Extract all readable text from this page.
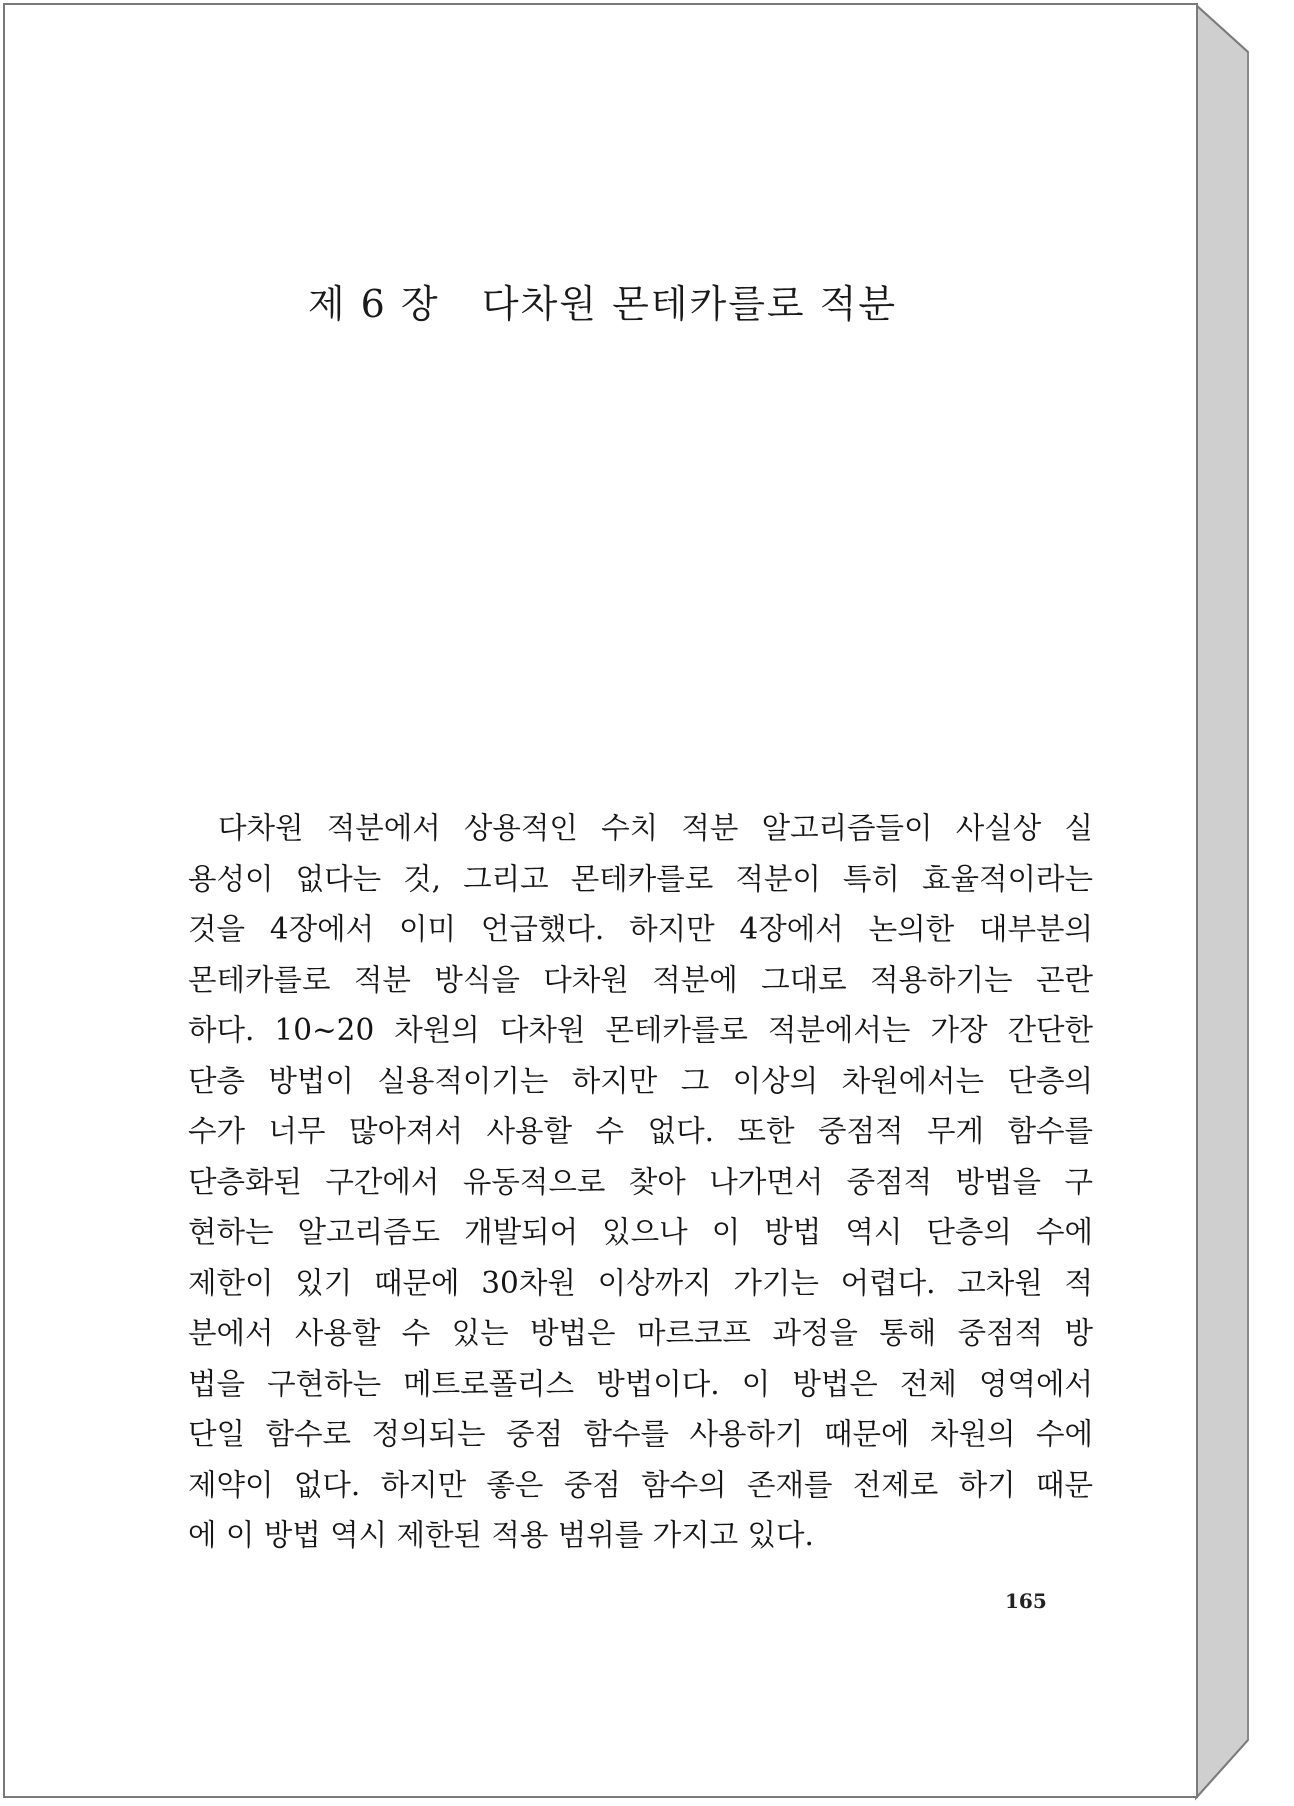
제 6 장   다차원 몬테카를로 적분
다차원 적분에서 상용적인 수치 적분 알고리즘들이 사실상 실
용성이 없다는 것, 그리고 몬테카를로 적분이 특히 효율적이라는
것을 4장에서 이미 언급했다. 하지만 4장에서 논의한 대부분의
몬테카를로 적분 방식을 다차원 적분에 그대로 적용하기는 곤란
하다. 10~20 차원의 다차원 몬테카를로 적분에서는 가장 간단한
단층 방법이 실용적이기는 하지만 그 이상의 차원에서는 단층의
수가 너무 많아져서 사용할 수 없다. 또한 중점적 무게 함수를
단층화된 구간에서 유동적으로 찾아 나가면서 중점적 방법을 구
현하는 알고리즘도 개발되어 있으나 이 방법 역시 단층의 수에
제한이 있기 때문에 30차원 이상까지 가기는 어렵다. 고차원 적
분에서 사용할 수 있는 방법은 마르코프 과정을 통해 중점적 방
법을 구현하는 메트로폴리스 방법이다. 이 방법은 전체 영역에서
단일 함수로 정의되는 중점 함수를 사용하기 때문에 차원의 수에
제약이 없다. 하지만 좋은 중점 함수의 존재를 전제로 하기 때문
에 이 방법 역시 제한된 적용 범위를 가지고 있다.
165
